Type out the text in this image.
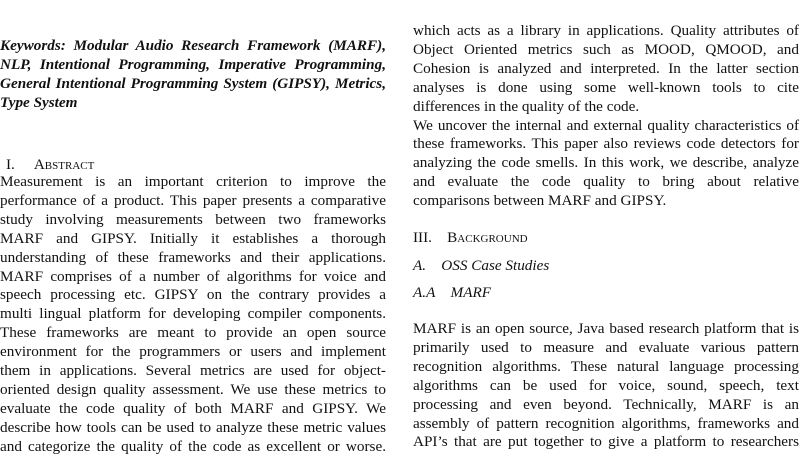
Keywords: Modular Audio Research Framework (MARF),
NLP, Intentional Programming, Imperative Programming,
General Intentional Programming System (GIPSY), Metrics,
Type System
I. Abstract
Measurement is an important criterion to improve the
performance of a product. This paper presents a comparative
study involving measurements between two frameworks
MARF and GIPSY. Initially it establishes a thorough
understanding of these frameworks and their applications.
MARF comprises of a number of algorithms for voice and
speech processing etc. GIPSY on the contrary provides a
multi lingual platform for developing compiler components.
These frameworks are meant to provide an open source
environment for the programmers or users and implement
them in applications. Several metrics are used for object-
oriented design quality assessment. We use these metrics to
evaluate the code quality of both MARF and GIPSY. We
describe how tools can be used to analyze these metric values
and categorize the quality of the code as excellent or worse.
which acts as a library in applications. Quality attributes of
Object Oriented metrics such as MOOD, QMOOD, and
Cohesion is analyzed and interpreted. In the latter section
analyses is done using some well-known tools to cite
differences in the quality of the code.
We uncover the internal and external quality characteristics of
these frameworks. This paper also reviews code detectors for
analyzing the code smells. In this work, we describe, analyze
and evaluate the code quality to bring about relative
comparisons between MARF and GIPSY.
III. Background
A. OSS Case Studies
A.A MARF
MARF is an open source, Java based research platform that is
primarily used to measure and evaluate various pattern
recognition algorithms. These natural language processing
algorithms can be used for voice, sound, speech, text
processing and even beyond. Technically, MARF is an
assembly of pattern recognition algorithms, frameworks and
API’s that are put together to give a platform to researchers
